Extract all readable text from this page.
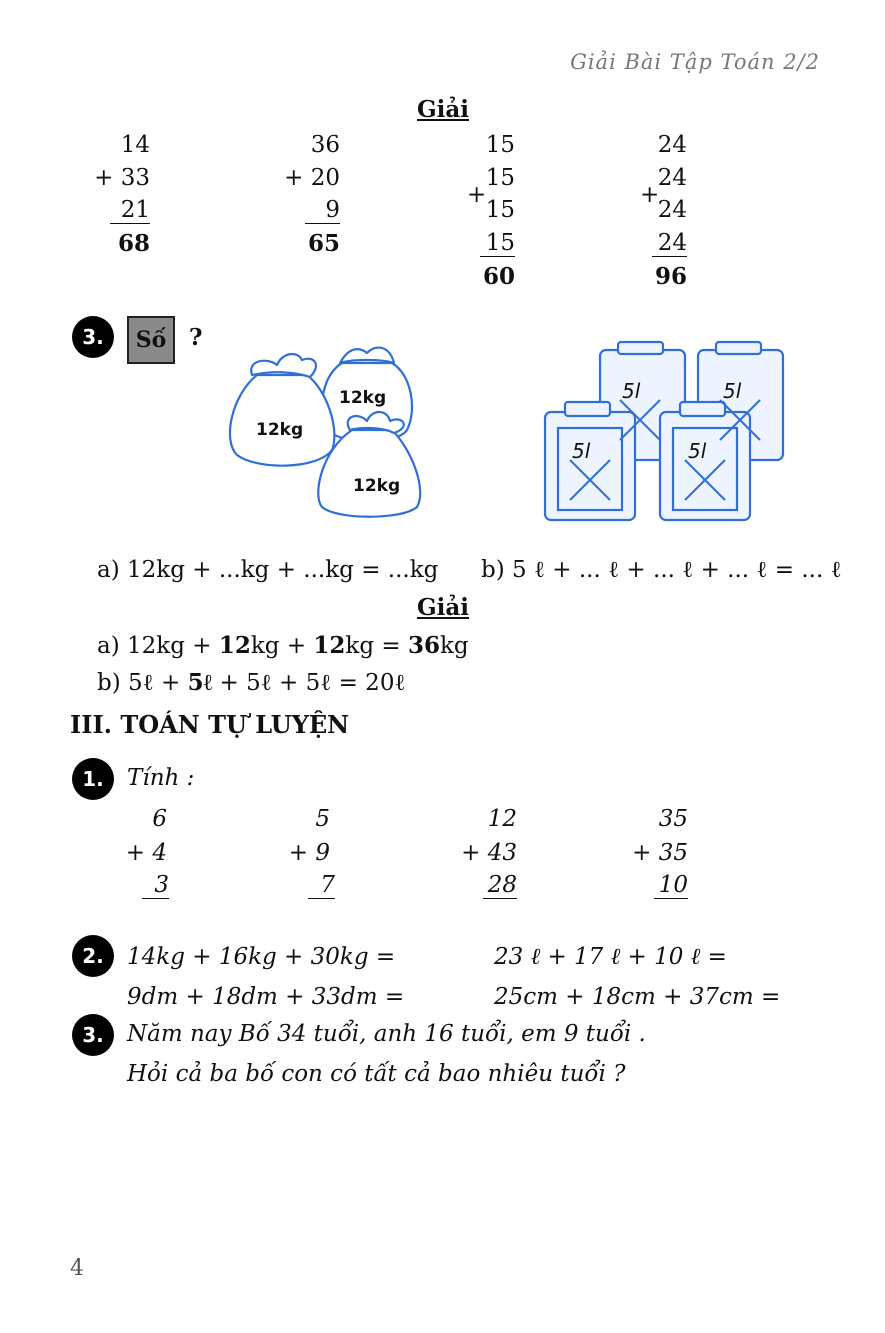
Giải Bài Tập Toán 2/2
Giải
14
+ 33
21
68
36
+ 20
9
65
15
+
15
15
15
60
24
+
24
24
24
96
3.	Số ?
12kg
12kg
12kg
5l	5l
5l	5l
a) 12kg + ...kg + ...kg = ...kg b) 5 ℓ + ... ℓ + ... ℓ + ... ℓ = ... ℓ
Giải
a) 12kg + 12kg + 12kg = 36kg
b) 5ℓ + 5ℓ + 5ℓ + 5ℓ = 20ℓ
III. TOÁN TỰ LUYỆN
1.	Tính :
6
+ 4
3
5
+ 9
7
12
+ 43
28
35
+ 35
10
2.	14kg + 16kg + 30kg =	23 ℓ + 17 ℓ + 10 ℓ =
9dm + 18dm + 33dm =	25cm + 18cm + 37cm =
3.	Năm nay Bố 34 tuổi, anh 16 tuổi, em 9 tuổi .
Hỏi cả ba bố con có tất cả bao nhiêu tuổi ?
4
